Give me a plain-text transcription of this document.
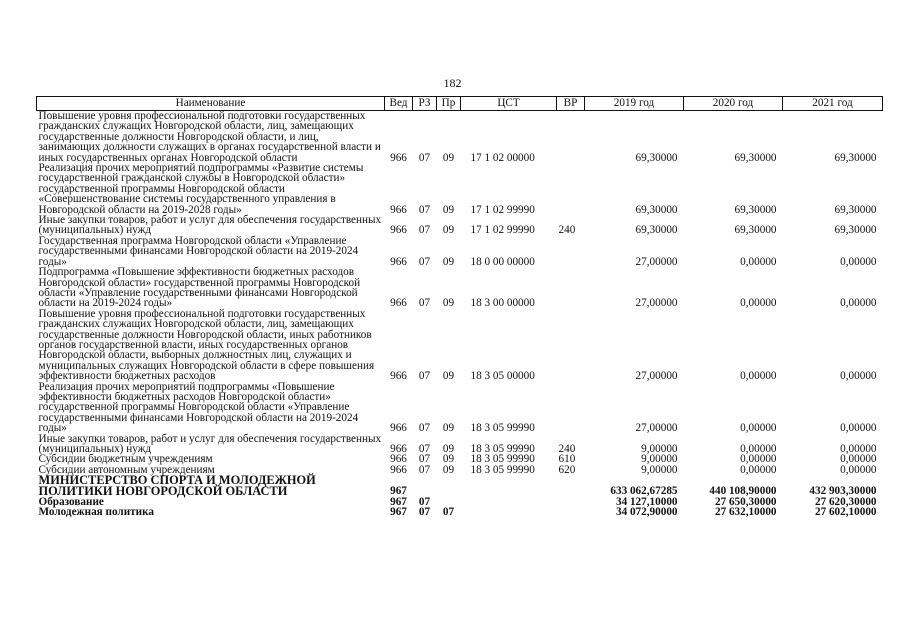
182
Наименование	Вед	РЗ	Пр	ЦСТ	ВР	2019 год	2020 год	2021 год
Повышение уровня профессиональной подготовки государственных гражданских служащих Новгородской области, лиц, замещающих государственные должности Новгородской области, и лиц, занимающих должности служащих в органах государственной власти и иных государственных органах Новгородской области	966	07	09	17 1 02 00000		69,30000	69,30000	69,30000
Реализация прочих мероприятий подпрограммы «Развитие системы государственной гражданской службы в Новгородской области» государственной программы Новгородской области «Совершенствование системы государственного управления в Новгородской области на 2019-2028 годы»	966	07	09	17 1 02 99990		69,30000	69,30000	69,30000
Иные закупки товаров, работ и услуг для обеспечения государственных (муниципальных) нужд	966	07	09	17 1 02 99990	240	69,30000	69,30000	69,30000
Государственная программа Новгородской области «Управление государственными финансами Новгородской области на 2019-2024 годы»	966	07	09	18 0 00 00000		27,00000	0,00000	0,00000
Подпрограмма «Повышение эффективности бюджетных расходов Новгородской области» государственной программы Новгородской области «Управление государственными финансами Новгородской области на 2019-2024 годы»	966	07	09	18 3 00 00000		27,00000	0,00000	0,00000
Повышение уровня профессиональной подготовки государственных гражданских служащих Новгородской области, лиц, замещающих государственные должности Новгородской области, иных работников органов государственной власти, иных государственных органов Новгородской области, выборных должностных лиц, служащих и муниципальных служащих Новгородской области в сфере повышения эффективности бюджетных расходов	966	07	09	18 3 05 00000		27,00000	0,00000	0,00000
Реализация прочих мероприятий подпрограммы «Повышение эффективности бюджетных расходов Новгородской области» государственной программы Новгородской области «Управление государственными финансами Новгородской области на 2019-2024 годы»	966	07	09	18 3 05 99990		27,00000	0,00000	0,00000
Иные закупки товаров, работ и услуг для обеспечения государственных (муниципальных) нужд	966	07	09	18 3 05 99990	240	9,00000	0,00000	0,00000
Субсидии бюджетным учреждениям	966	07	09	18 3 05 99990	610	9,00000	0,00000	0,00000
Субсидии автономным учреждениям	966	07	09	18 3 05 99990	620	9,00000	0,00000	0,00000
МИНИСТЕРСТВО СПОРТА И МОЛОДЕЖНОЙ ПОЛИТИКИ НОВГОРОДСКОЙ ОБЛАСТИ	967					633 062,67285	440 108,90000	432 903,30000
Образование	967	07				34 127,10000	27 650,30000	27 620,30000
Молодежная политика	967	07	07			34 072,90000	27 632,10000	27 602,10000
